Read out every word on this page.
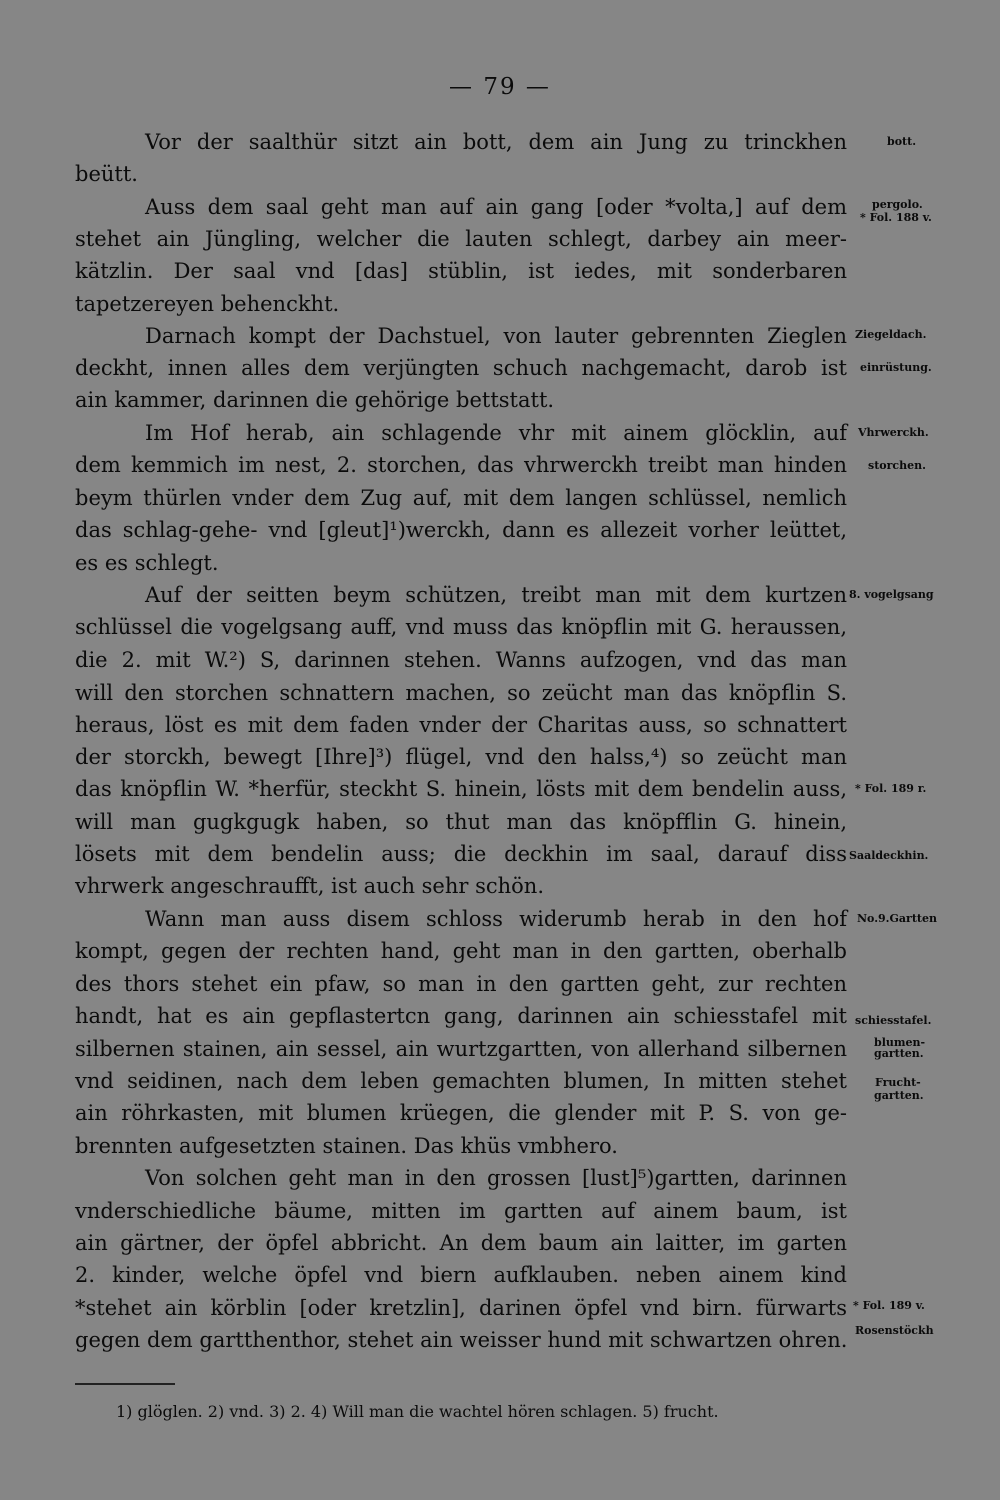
— 79 —
Vor der saalthür sitzt ain bott, dem ain Jung zu trinckhen
beütt.
Auss dem saal geht man auf ain gang [oder *volta,] auf dem
stehet ain Jüngling, welcher die lauten schlegt, darbey ain meer-
kätzlin. Der saal vnd [das] stüblin, ist iedes, mit sonderbaren
tapetzereyen behenckht.
Darnach kompt der Dachstuel, von lauter gebrennten Zieglen
deckht, innen alles dem verjüngten schuch nachgemacht, darob ist
ain kammer, darinnen die gehörige bettstatt.
Im Hof herab, ain schlagende vhr mit ainem glöcklin, auf
dem kemmich im nest, 2. storchen, das vhrwerckh treibt man hinden
beym thürlen vnder dem Zug auf, mit dem langen schlüssel, nemlich
das schlag-gehe- vnd [gleut]¹)werckh, dann es allezeit vorher leüttet,
es es schlegt.
Auf der seitten beym schützen, treibt man mit dem kurtzen
schlüssel die vogelgsang auff, vnd muss das knöpflin mit G. heraussen,
die 2. mit W.²) S, darinnen stehen. Wanns aufzogen, vnd das man
will den storchen schnattern machen, so zeücht man das knöpflin S.
heraus, löst es mit dem faden vnder der Charitas auss, so schnattert
der storckh, bewegt [Ihre]³) flügel, vnd den halss,⁴) so zeücht man
das knöpflin W. *herfür, steckht S. hinein, lösts mit dem bendelin auss,
will man gugkgugk haben, so thut man das knöpfflin G. hinein,
lösets mit dem bendelin auss; die deckhin im saal, darauf diss
vhrwerk angeschraufft, ist auch sehr schön.
Wann man auss disem schloss widerumb herab in den hof
kompt, gegen der rechten hand, geht man in den gartten, oberhalb
des thors stehet ein pfaw, so man in den gartten geht, zur rechten
handt, hat es ain gepflastertcn gang, darinnen ain schiesstafel mit
silbernen stainen, ain sessel, ain wurtzgartten, von allerhand silbernen
vnd seidinen, nach dem leben gemachten blumen, In mitten stehet
ain röhrkasten, mit blumen krüegen, die glender mit P. S. von ge-
brennten aufgesetzten stainen. Das khüs vmbhero.
Von solchen geht man in den grossen [lust]⁵)gartten, darinnen
vnderschiedliche bäume, mitten im gartten auf ainem baum, ist
ain gärtner, der öpfel abbricht. An dem baum ain laitter, im garten
2. kinder, welche öpfel vnd biern aufklauben. neben ainem kind
*stehet ain körblin [oder kretzlin], darinen öpfel vnd birn. fürwarts
gegen dem gartthenthor, stehet ain weisser hund mit schwartzen ohren.
bott.
pergolo.
* Fol. 188 v.
Ziegeldach.
einrüstung.
Vhrwerckh.
storchen.
8. vogelgsang
* Fol. 189 r.
Saaldeckhin.
No.9.Gartten
schiesstafel.
blumen-
gartten.
Frucht-
gartten.
* Fol. 189 v.
Rosenstöckh
1) glöglen. 2) vnd. 3) 2. 4) Will man die wachtel hören schlagen. 5) frucht.
